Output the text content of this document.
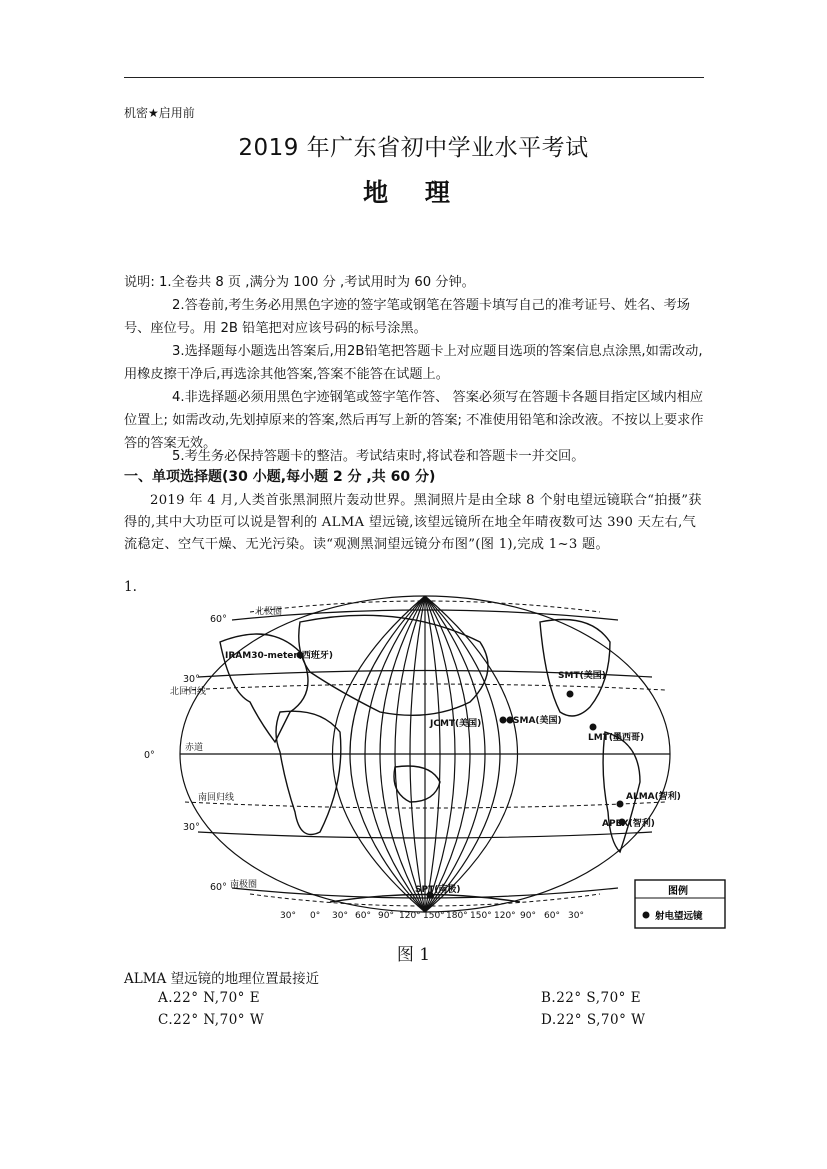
机密★启用前
2019 年广东省初中学业水平考试
地 理
说明: 1.全卷共 8 页 ,满分为 100 分 ,考试用时为 60 分钟。
2.答卷前,考生务必用黑色字迹的签字笔或钢笔在答题卡填写自己的准考证号、姓名、考场号、座位号。用 2B 铅笔把对应该号码的标号涂黑。
3.选择题每小题选出答案后,用2B铅笔把答题卡上对应题目选项的答案信息点涂黑,如需改动,用橡皮擦干净后,再选涂其他答案,答案不能答在试题上。
4.非选择题必须用黑色字迹钢笔或签字笔作答、 答案必须写在答题卡各题目指定区域内相应位置上; 如需改动,先划掉原来的答案,然后再写上新的答案; 不准使用铅笔和涂改液。不按以上要求作答的答案无效。
5.考生务必保持答题卡的整洁。考试结束时,将试卷和答题卡一并交回。
一、单项选择题(30 小题,每小题 2 分 ,共 60 分)
2019 年 4 月,人类首张黑洞照片轰动世界。黑洞照片是由全球 8 个射电望远镜联合“拍摄”获得的,其中大功臣可以说是智利的 ALMA 望远镜,该望远镜所在地全年晴夜数可达 390 天左右,气流稳定、空气干燥、无光污染。读“观测黑洞望远镜分布图”(图 1),完成 1~3 题。
1.
60°
30°
0°
30°
60°
北极圈
北回归线
赤道
南回归线
南极圈
30° 0° 30° 60° 90° 120° 150° 180° 150° 120° 90° 60° 30°
IRAM30-meter(西班牙)
SMT(美国)
JCMT(美国)	SMA(美国)
LMT(墨西哥)
ALMA(智利)
APEX(智利)
SPT(南极)	图例
射电望远镜
图 1
ALMA 望远镜的地理位置最接近
A.22° N,70° E	B.22° S,70° E
C.22° N,70° W	D.22° S,70° W
